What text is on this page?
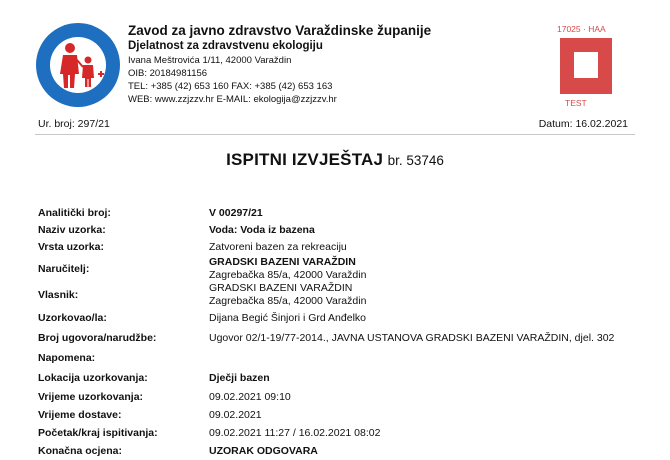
Zavod za javno zdravstvo Varaždinske županije
Djelatnost za zdravstvenu ekologiju
Ivana Meštrovića 1/11, 42000 Varaždin
OIB: 20184981156
TEL: +385 (42) 653 160 FAX: +385 (42) 653 163
WEB: www.zzjzzv.hr E-MAIL: ekologija@zzjzzv.hr
17025 · HAA
1272
TEST
Ur. broj: 297/21	Datum: 16.02.2021
ISPITNI IZVJEŠTAJ br. 53746
Analitički broj:	V 00297/21
Naziv uzorka:	Voda: Voda iz bazena
Vrsta uzorka:	Zatvoreni bazen za rekreaciju
Naručitelj:	GRADSKI BAZENI VARAŽDIN
Zagrebačka 85/a, 42000 Varaždin

Vlasnik:	GRADSKI BAZENI VARAŽDIN
Zagrebačka 85/a, 42000 Varaždin

Uzorkovao/la:	Dijana Begić Šinjori i Grd Anđelko
Broj ugovora/narudžbe:	Ugovor 02/1-19/77-2014., JAVNA USTANOVA GRADSKI BAZENI VARAŽDIN, djel. 302
Napomena:	
Lokacija uzorkovanja:	Dječji bazen
Vrijeme uzorkovanja:	09.02.2021 09:10
Vrijeme dostave:	09.02.2021
Početak/kraj ispitivanja:	09.02.2021 11:27 / 16.02.2021 08:02
Konačna ocjena:	UZORAK ODGOVARA
